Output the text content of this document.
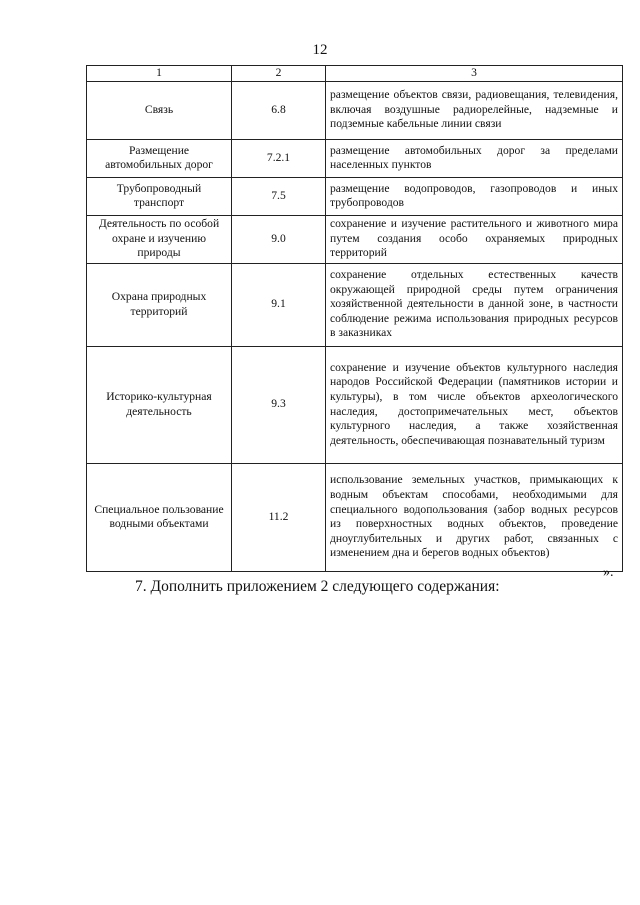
12
1	2	3
Связь	6.8	размещение объектов связи, радиовещания, телевидения, включая воздушные радиорелейные, надземные и подземные кабельные линии связи
Размещение автомобильных дорог	7.2.1	размещение автомобильных дорог за пределами населенных пунктов
Трубопроводный транспорт	7.5	размещение водопроводов, газопроводов и иных трубопроводов
Деятельность по особой охране и изучению природы	9.0	сохранение и изучение растительного и животного мира путем создания особо охраняемых природных территорий
Охрана природных территорий	9.1	сохранение отдельных естественных качеств окружающей природной среды путем ограничения хозяйственной деятельности в данной зоне, в частности соблюдение режима использования природных ресурсов в заказниках
Историко-культурная деятельность	9.3	сохранение и изучение объектов культурного наследия народов Российской Федерации (памятников истории и культуры), в том числе объектов археологического наследия, достопримечательных мест, объектов культурного наследия, а также хозяйственная деятельность, обеспечивающая познавательный туризм
Специальное пользование водными объектами	11.2	использование земельных участков, примыкающих к водным объектам способами, необходимыми для специального водопользования (забор водных ресурсов из поверхностных водных объектов, проведение дноуглубительных и других работ, связанных с изменением дна и берегов водных объектов)
».
7. Дополнить приложением 2 следующего содержания:
